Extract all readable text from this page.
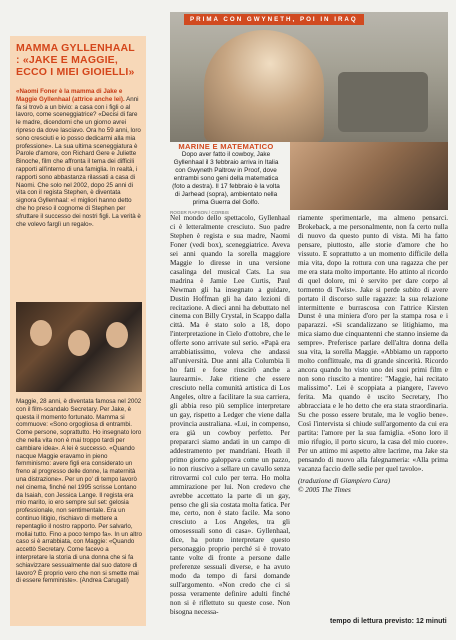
MAMMA GYLLENHAAL : «JAKE E MAGGIE, ECCO I MIEI GIOIELLI»

«Naomi Foner è la mamma di Jake e Maggie Gyllenhaal (attrice anche lei). Anni fa si trovò a un bivio: a casa con i figli o al lavoro, come sceneggiatrice? «Decisi di fare le madre, dicendomi che un giorno avrei ripreso da dove lasciavo. Ora ho 59 anni, loro sono cresciuti e io posso dedicarmi alla mia professione». La sua ultima sceneggiatura è Parole d'amore, con Richard Gere e Juliette Binoche, film che affronta il tema dei difficili rapporti all'interno di una famiglia. In realtà, i rapporti sono abbastanza rilassati a casa di Naomi. Che solo nel 2002, dopo 25 anni di vita con il regista Stephen, è diventata signora Gyllenhaal: «I migliori hanno detto che ho preso il cognome di Stephen per sfruttare il successo dei nostri figli. La verità è che volevo farglì un regalo».

Maggie, 28 anni, è diventata famosa nel 2002 con il film-scandalo Secretary. Per Jake, è questa il momento fortunato. Mamma si commuove: «Sono orgogliosa di entrambi. Come persone, soprattutto. Ho insegnato loro che nella vita non è mai troppo tardi per cambiare idea». A lei è successo. «Quando nacque Maggie eravamo in pieno femminismo: avere figli era considerato un freno al progresso delle donne, la maternità una distrazione». Per un po' di tempo lavorò nel cinema, finché nel 1995 scrisse Lontano da Isaiah, con Jessica Lange. Il regista era mio marito, io ero sempre sul set: gelosia professionale, non sentimentale. Era un continuo litigio, rischiavo di mettere a repentaglio il nostro rapporto. Per salvarlo, mollai tutto. Fino a poco tempo fa». In un altro caso si è arrabbiata, con Maggie: «Quando accettò Secretary. Come facevo a interpretare la storia di una donna che si fa schiavizzare sessualmente dal suo datore di lavoro? È proprio vero che non si smette mai di essere femministe». (Andrea Carugati)

PRIMA CON GWYNETH, POI IN IRAQ
MARINE E MATEMATICO
Dopo aver fatto il cowboy, Jake Gyllenhaal il 3 febbraio arriva in Italia con Gwyneth Paltrow in Proof, dove entrambi sono geni della matematica (foto a destra). Il 17 febbraio è la volta di Jarhead (sopra), ambientato nella prima Guerra del Golfo.
ROGER RAPSON / CORBIS

Nel mondo dello spettacolo, Gyllenhaal ci è letteralmente cresciuto. Suo padre Stephen è regista e sua madre, Naomi Foner (vedi box), sceneggiatrice. Aveva sei anni quando la sorella maggiore Maggie lo diresse in una versione casalinga del musical Cats. La sua madrina è Jamie Lee Curtis, Paul Newman gli ha insegnato a guidare, Dustin Hoffman gli ha dato lezioni di recitazione. A dieci anni ha debuttato nel cinema con Billy Crystal, in Scappo dalla città. Ma è stato solo a 18, dopo l'interpretazione in Cielo d'ottobre, che le offerte sono arrivate sul serio. «Papà era arrabbiatissimo, voleva che andassi all'università. Due anni alla Columbia li ho fatti e forse riuscirò anche a laurearmi». Jake ritiene che essere cresciuto nella comunità artistica di Los Angeles, oltre a facilitare la sua carriera, gli abbia reso più semplice interpretare un gay, rispetto a Ledger che viene dalla provincia australiana. «Lui, in compenso, era già un cowboy perfetto. Per prepararci siamo andati in un campo di addestramento per mandriani. Heath il primo giorno galoppava come un pazzo, io non riuscivo a sellare un cavallo senza ritrovarmi col culo per terra. Ho molta ammirazione per lui. Non credevo che avrebbe accettato la parte di un gay, penso che gli sia costata molta fatica. Per me, certo, non è stato facile. Ma sono cresciuto a Los Angeles, tra gli omosessuali sono di casa». Gyllenhaal, dice, ha potuto interpretare questo personaggio proprio perché si è trovato tante volte di fronte a persone dalle preferenze sessuali diverse, e ha avuto modo da tempo di farsi domande sull'argomento. «Non credo che ci si possa veramente definire adulti finché non si è riflettuto su queste cose. Non bisogna necessa-

riamente sperimentarle, ma almeno pensarci. Brokeback, a me personalmente, non fa certo nulla di nuovo da questo punto di vista. Mi ha fatto pensare, piuttosto, alle storie d'amore che ho vissuto. E soprattutto a un momento difficile della mia vita, dopo la rottura con una ragazza che per me era stata molto importante. Ho attinto al ricordo di quel dolore, mi è servito per dare corpo al tormento di Twist». Jake si perde subito di avere portato il discorso sulle ragazze: la sua relazione intermittente e burrascosa con l'attrice Kirsten Dunst è una miniera d'oro per la stampa rosa e i paparazzi. «Si scandalizzano se litighiamo, ma mica siamo due cinquantenni che stanno insieme da sempre». Preferisce parlare dell'altra donna della sua vita, la sorella Maggie. «Abbiamo un rapporto molto conflittuale, ma di grande sincerità. Ricordo ancora quando ho visto uno dei suoi primi film e non sono riuscito a mentire: "Maggie, hai recitato malissimo". Lei è scoppiata a piangere, l'avevo ferita. Ma quando è uscito Secretary, l'ho abbracciata e le ho detto che era stata straordinaria. Su che posso essere brutale, ma le voglio bene». Così l'intervista si chiude sull'argomento da cui era partita: l'amore per la sua famiglia. «Sono loro il mio rifugio, il porto sicuro, la casa del mio cuore». Per un attimo mi aspetto altre lacrime, ma Jake sta pensando di nuovo alla falegnameria: «Alla prima vacanza faccio delle sedie per quel tavolo».

(traduzione di Giampiero Cara)

© 2005 The Times

tempo di lettura previsto: 12 minuti
